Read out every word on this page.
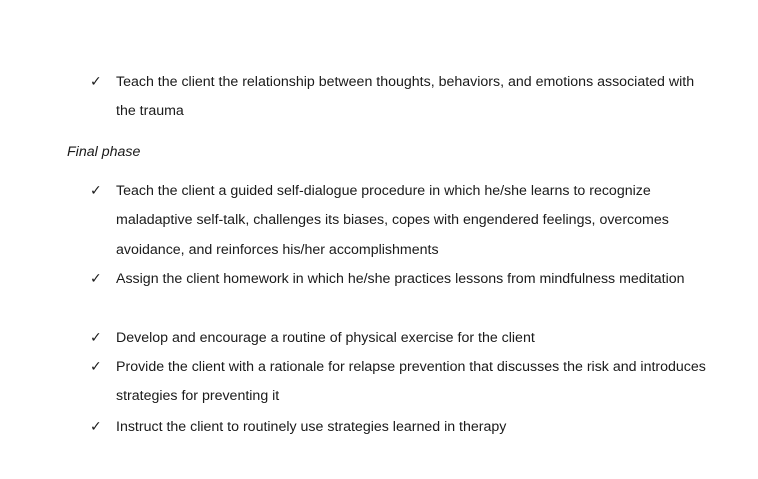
✓ Teach the client the relationship between thoughts, behaviors, and emotions associated with the trauma
Final phase
✓ Teach the client a guided self-dialogue procedure in which he/she learns to recognize maladaptive self-talk, challenges its biases, copes with engendered feelings, overcomes avoidance, and reinforces his/her accomplishments
✓ Assign the client homework in which he/she practices lessons from mindfulness meditation
✓ Develop and encourage a routine of physical exercise for the client
✓ Provide the client with a rationale for relapse prevention that discusses the risk and introduces strategies for preventing it
✓ Instruct the client to routinely use strategies learned in therapy
